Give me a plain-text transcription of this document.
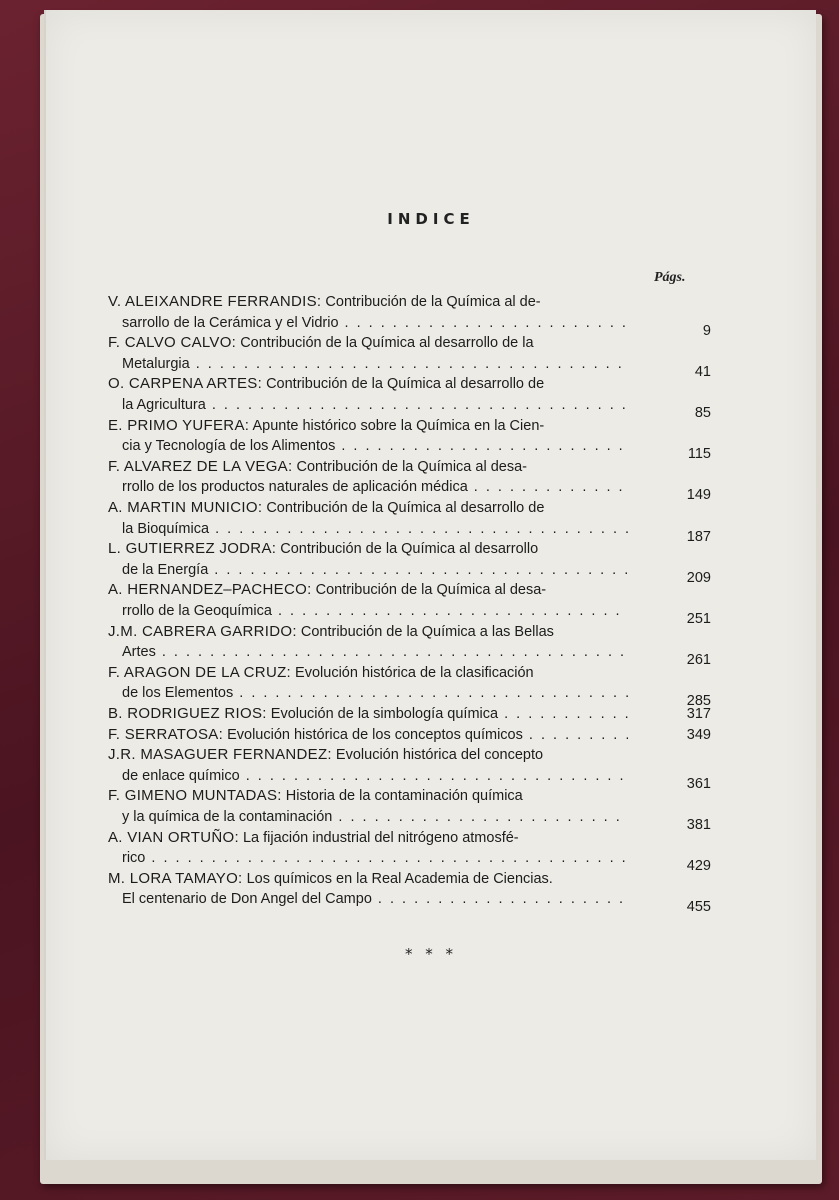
INDICE
Págs.
V. ALEIXANDRE FERRANDIS: Contribución de la Química al de-
sarrollo de la Cerámica y el Vidrio . . .	9
F. CALVO CALVO: Contribución de la Química al desarrollo de la
Metalurgia . . .	41
O. CARPENA ARTES: Contribución de la Química al desarrollo de
la Agricultura . . .	85
E. PRIMO YUFERA: Apunte histórico sobre la Química en la Cien-
cia y Tecnología de los Alimentos . . .	115
F. ALVAREZ DE LA VEGA: Contribución de la Química al desa-
rrollo de los productos naturales de aplicación médica . . .	149
A. MARTIN MUNICIO: Contribución de la Química al desarrollo de
la Bioquímica . . .	187
L. GUTIERREZ JODRA: Contribución de la Química al desarrollo
de la Energía . . .	209
A. HERNANDEZ–PACHECO: Contribución de la Química al desa-
rrollo de la Geoquímica . . .	251
J.M. CABRERA GARRIDO: Contribución de la Química a las Bellas
Artes . . .	261
F. ARAGON DE LA CRUZ: Evolución histórica de la clasificación
de los Elementos . . .	285
B. RODRIGUEZ RIOS: Evolución de la simbología química . . .	317
F. SERRATOSA: Evolución histórica de los conceptos químicos . . .	349
J.R. MASAGUER FERNANDEZ: Evolución histórica del concepto
de enlace químico . . .	361
F. GIMENO MUNTADAS: Historia de la contaminación química
y la química de la contaminación . . .	381
A. VIAN ORTUÑO: La fijación industrial del nitrógeno atmosfé-
rico . . .	429
M. LORA TAMAYO: Los químicos en la Real Academia de Ciencias.
El centenario de Don Angel del Campo . . .	455
* * *
